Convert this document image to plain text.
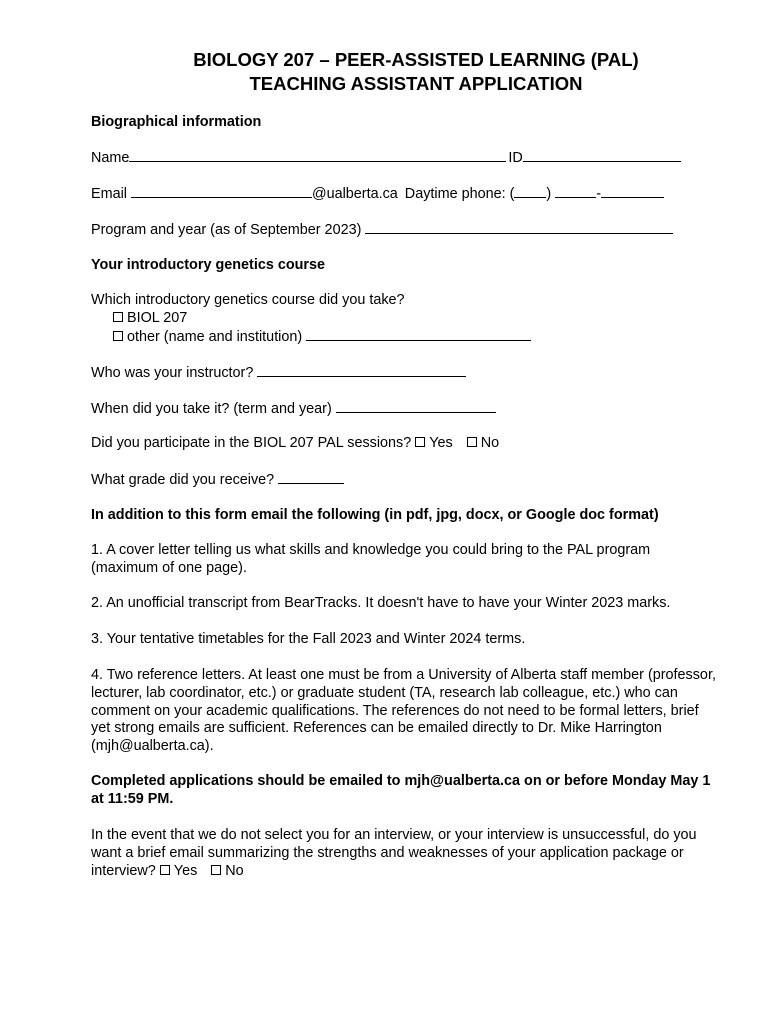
BIOLOGY 207 – PEER-ASSISTED LEARNING (PAL)
TEACHING ASSISTANT APPLICATION
Biographical information
Name	ID
Email	@ualberta.ca Daytime phone: ( )	-
Program and year (as of September 2023)
Your introductory genetics course
Which introductory genetics course did you take?
BIOL 207
other (name and institution)
Who was your instructor?
When did you take it? (term and year)
Did you participate in the BIOL 207 PAL sessions? Yes No
What grade did you receive?
In addition to this form email the following (in pdf, jpg, docx, or Google doc format)
1. A cover letter telling us what skills and knowledge you could bring to the PAL program (maximum of one page).
2. An unofficial transcript from BearTracks. It doesn't have to have your Winter 2023 marks.
3. Your tentative timetables for the Fall 2023 and Winter 2024 terms.
4. Two reference letters. At least one must be from a University of Alberta staff member (professor, lecturer, lab coordinator, etc.) or graduate student (TA, research lab colleague, etc.) who can comment on your academic qualifications. The references do not need to be formal letters, brief yet strong emails are sufficient. References can be emailed directly to Dr. Mike Harrington (mjh@ualberta.ca).
Completed applications should be emailed to mjh@ualberta.ca on or before Monday May 1 at 11:59 PM.
In the event that we do not select you for an interview, or your interview is unsuccessful, do you want a brief email summarizing the strengths and weaknesses of your application package or interview? Yes No
